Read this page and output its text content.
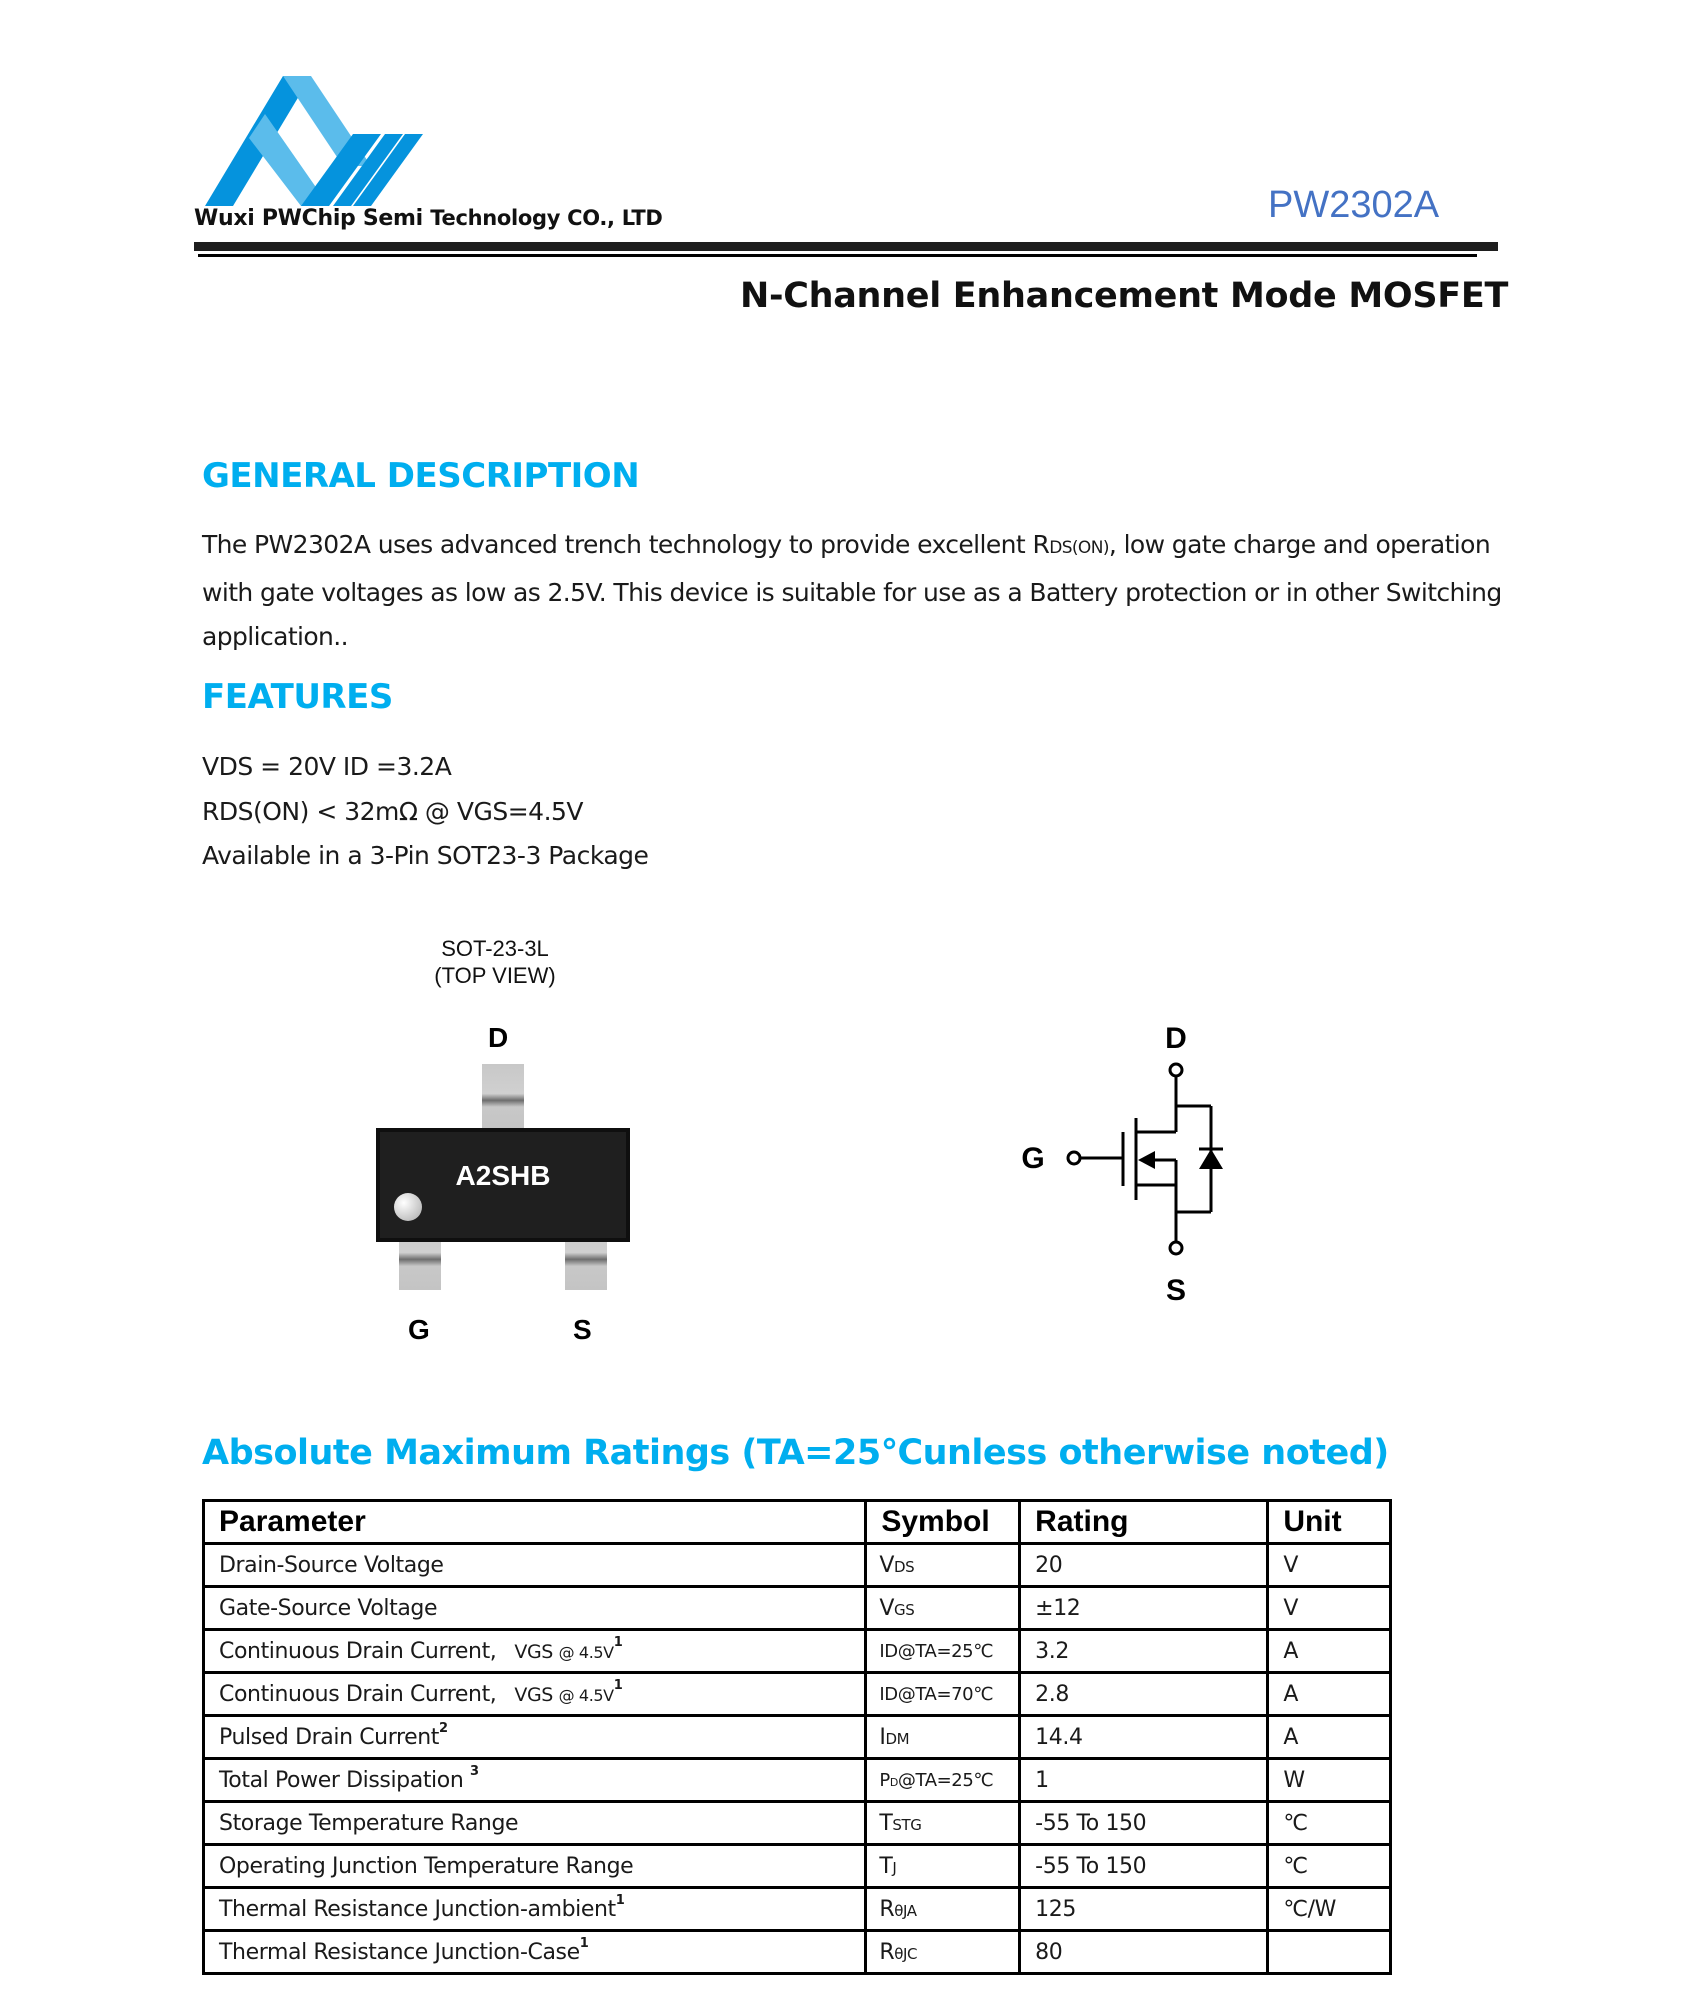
Wuxi PWChip Semi Technology CO., LTD	PW2302A
N-Channel Enhancement Mode MOSFET
GENERAL DESCRIPTION
The PW2302A uses advanced trench technology to provide excellent RDS(ON), low gate charge and operation with gate voltages as low as 2.5V. This device is suitable for use as a Battery protection or in other Switching application..
FEATURES
VDS = 20V ID =3.2A
RDS(ON) < 32mΩ @ VGS=4.5V
Available in a 3-Pin SOT23-3 Package
SOT-23-3L
(TOP VIEW)
D
G	S
A2SHB
D
G
S
Absolute Maximum Ratings (TA=25℃unless otherwise noted)
Parameter	Symbol	Rating	Unit
Drain-Source Voltage	VDS	20	V
Gate-Source Voltage	VGS	±12	V
Continuous Drain Current, VGS @ $4.5V^1$	ID@TA=25℃	3.2	A
Continuous Drain Current, VGS @ $4.5V^1$	ID@TA=70℃	2.8	A
Pulsed Drain Current$^2$	IDM	14.4	A
Total Power Dissipation $^3$	PD@TA=25℃	1	W
Storage Temperature Range	TSTG	-55 To 150	℃
Operating Junction Temperature Range	TJ	-55 To 150	℃
Thermal Resistance Junction-ambient$^1$	RθJA	125	℃/W
Thermal Resistance Junction-Case$^1$	RθJC	80	
